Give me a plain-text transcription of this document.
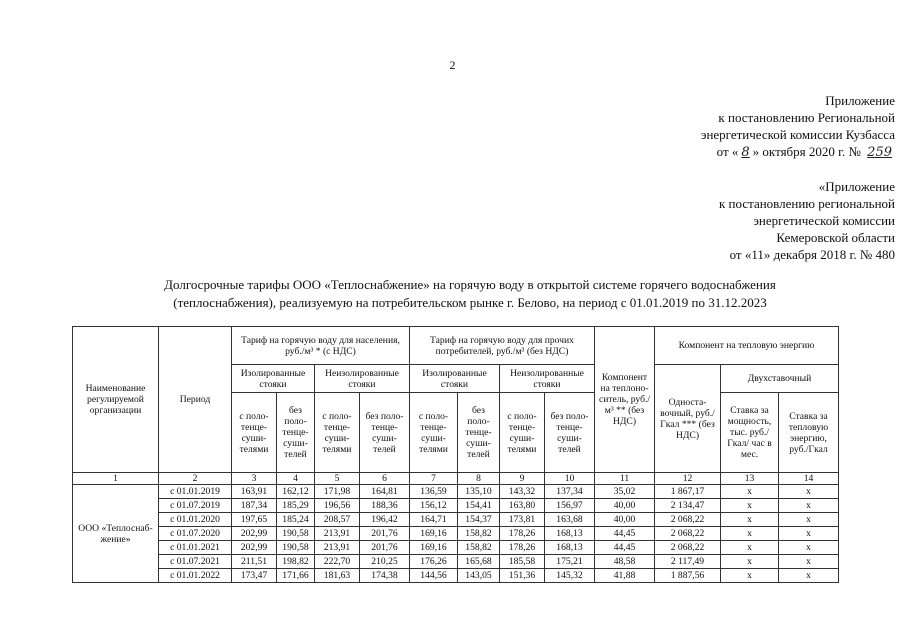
2
Приложение
к постановлению Региональной
энергетической комиссии Кузбасса
от « 8 » октября 2020 г. № 259
«Приложение
к постановлению региональной
энергетической комиссии
Кемеровской области
от «11» декабря 2018 г. № 480
Долгосрочные тарифы ООО «Теплоснабжение» на горячую воду в открытой системе горячего водоснабжения
(теплоснабжения), реализуемую на потребительском рынке г. Белово, на период с 01.01.2019 по 31.12.2023
Наименование регулируемой организации	Период	Тариф на горячую воду для населения, руб./м³ * (с НДС)				Тариф на горячую воду для прочих потребителей, руб./м³ (без НДС)				Компонент на теплоно-ситель, руб./м³ ** (без НДС)	Компонент на тепловую энергию		
		Изолированные стояки		Неизолированные стояки		Изолированные стояки		Неизолированные стояки			Односта-вочный, руб./Гкал *** (без НДС)	Двухставочный	
		с поло-тенце-суши-телями	без поло-тенце-суши-телей	с поло-тенце-суши-телями	без поло-тенце-суши-телей	с поло-тенце-суши-телями	без поло-тенце-суши-телей	с поло-тенце-суши-телями	без поло-тенце-суши-телей			Ставка за мощность, тыс. руб./ Гкал/ час в мес.	Ставка за тепловую энергию, руб./Гкал
1	2	3	4	5	6	7	8	9	10	11	12	13	14
ООО «Теплоснаб-жение»	с 01.01.2019	163,91	162,12	171,98	164,81	136,59	135,10	143,32	137,34	35,02	1 867,17	х	х
	с 01.07.2019	187,34	185,29	196,56	188,36	156,12	154,41	163,80	156,97	40,00	2 134,47	х	х
	с 01.01.2020	197,65	185,24	208,57	196,42	164,71	154,37	173,81	163,68	40,00	2 068,22	х	х
	с 01.07.2020	202,99	190,58	213,91	201,76	169,16	158,82	178,26	168,13	44,45	2 068,22	х	х
	с 01.01.2021	202,99	190,58	213,91	201,76	169,16	158,82	178,26	168,13	44,45	2 068,22	х	х
	с 01.07.2021	211,51	198,82	222,70	210,25	176,26	165,68	185,58	175,21	48,58	2 117,49	х	х
	с 01.01.2022	173,47	171,66	181,63	174,38	144,56	143,05	151,36	145,32	41,88	1 887,56	х	х
